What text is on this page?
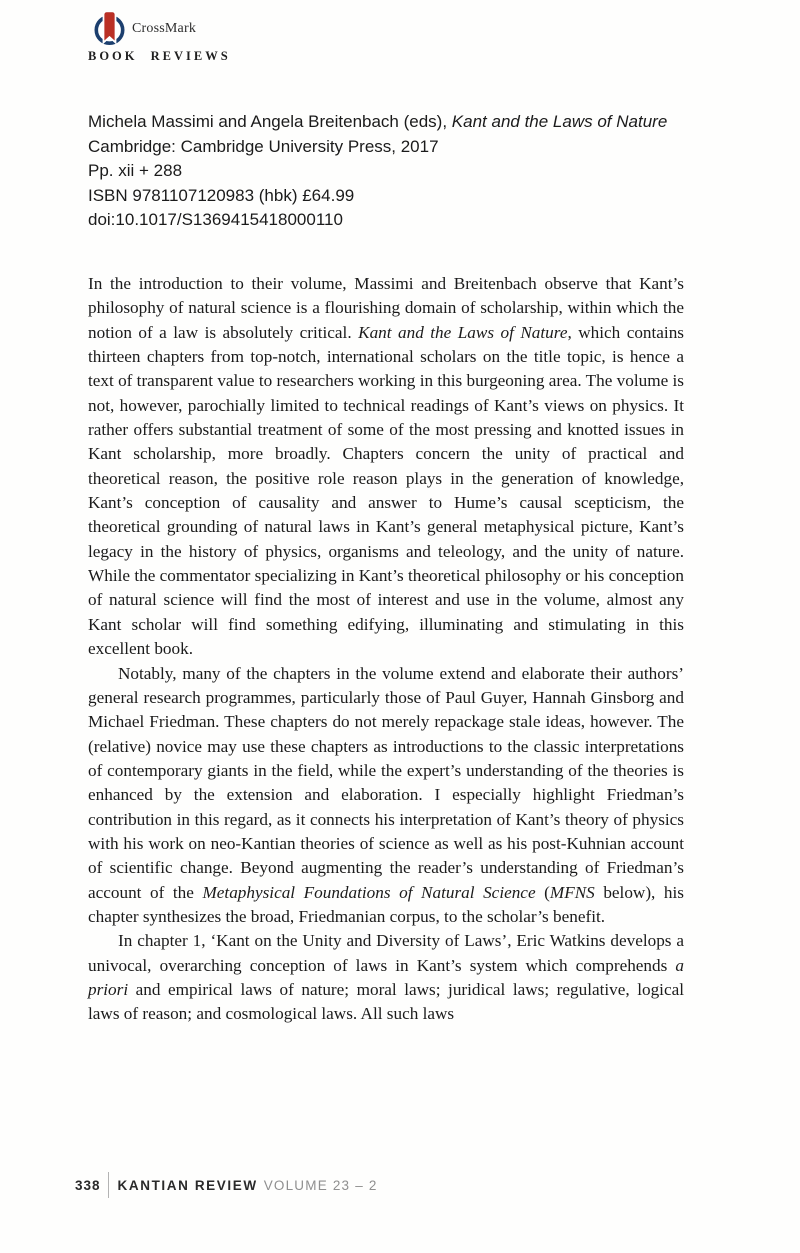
CrossMark
BOOK REVIEWS
Michela Massimi and Angela Breitenbach (eds), Kant and the Laws of Nature
Cambridge: Cambridge University Press, 2017
Pp. xii + 288
ISBN 9781107120983 (hbk) £64.99
doi:10.1017/S1369415418000110

In the introduction to their volume, Massimi and Breitenbach observe that Kant’s philosophy of natural science is a flourishing domain of scholarship, within which the notion of a law is absolutely critical. Kant and the Laws of Nature, which contains thirteen chapters from top-notch, international scholars on the title topic, is hence a text of transparent value to researchers working in this burgeoning area. The volume is not, however, parochially limited to technical readings of Kant’s views on physics. It rather offers substantial treatment of some of the most pressing and knotted issues in Kant scholarship, more broadly. Chapters concern the unity of practical and theoretical reason, the positive role reason plays in the generation of knowledge, Kant’s conception of causality and answer to Hume’s causal scepticism, the theoretical grounding of natural laws in Kant’s general metaphysical picture, Kant’s legacy in the history of physics, organisms and teleology, and the unity of nature. While the commentator specializing in Kant’s theoretical philosophy or his conception of natural science will find the most of interest and use in the volume, almost any Kant scholar will find something edifying, illuminating and stimulating in this excellent book.

Notably, many of the chapters in the volume extend and elaborate their authors’ general research programmes, particularly those of Paul Guyer, Hannah Ginsborg and Michael Friedman. These chapters do not merely repackage stale ideas, however. The (relative) novice may use these chapters as introductions to the classic interpretations of contemporary giants in the field, while the expert’s understanding of the theories is enhanced by the extension and elaboration. I especially highlight Friedman’s contribution in this regard, as it connects his interpretation of Kant’s theory of physics with his work on neo-Kantian theories of science as well as his post-Kuhnian account of scientific change. Beyond augmenting the reader’s understanding of Friedman’s account of the Metaphysical Foundations of Natural Science (MFNS below), his chapter synthesizes the broad, Friedmanian corpus, to the scholar’s benefit.

In chapter 1, ‘Kant on the Unity and Diversity of Laws’, Eric Watkins develops a univocal, overarching conception of laws in Kant’s system which comprehends a priori and empirical laws of nature; moral laws; juridical laws; regulative, logical laws of reason; and cosmological laws. All such laws

338 KANTIAN REVIEW VOLUME 23 – 2
